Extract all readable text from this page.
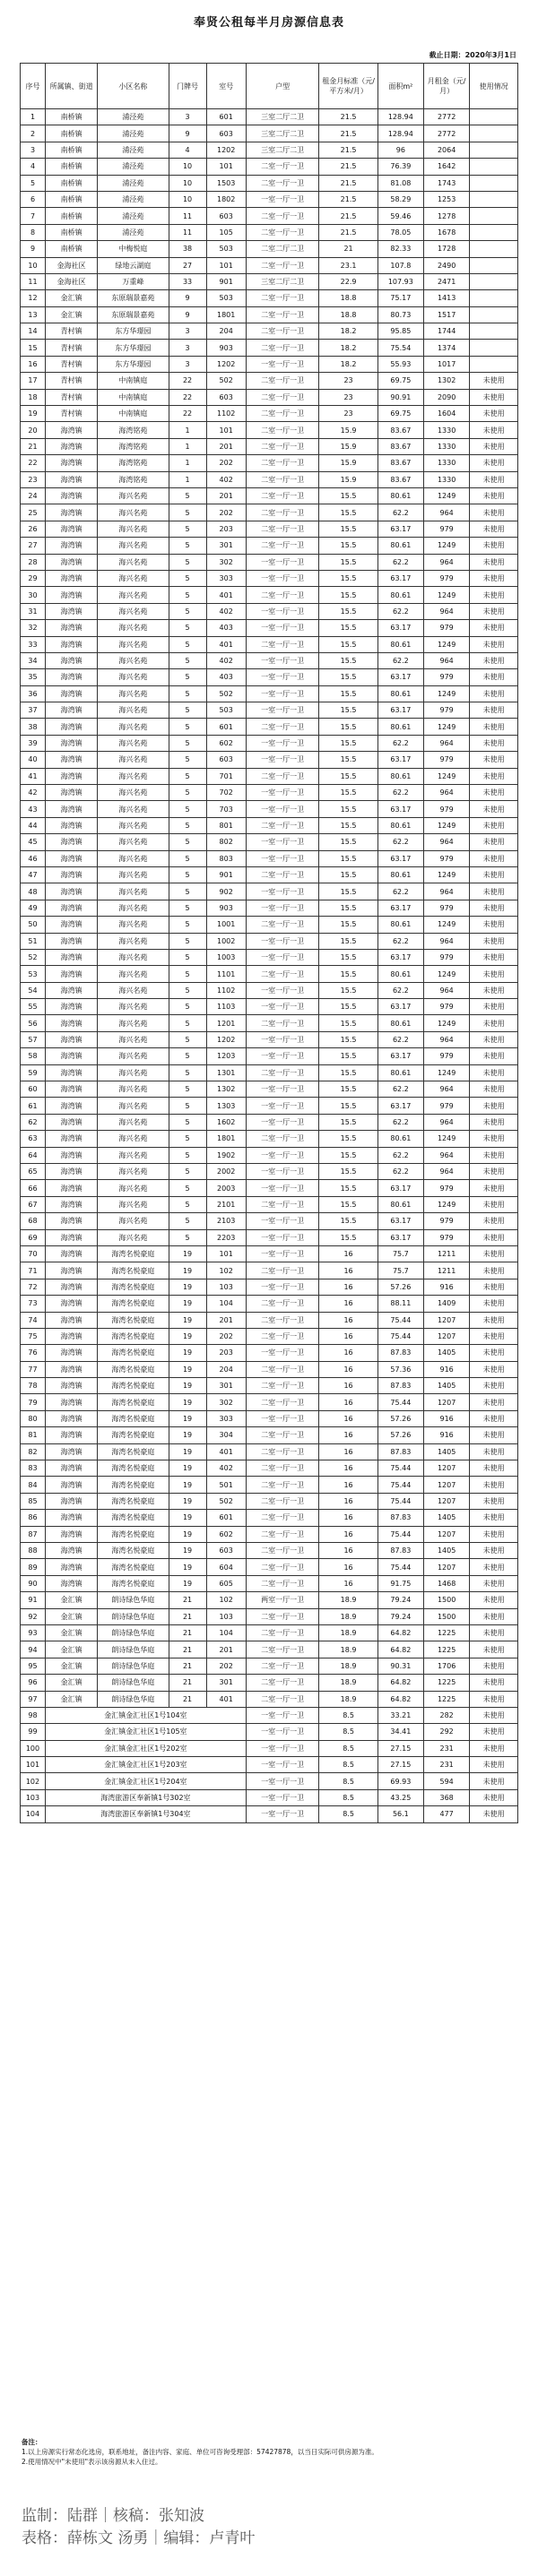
奉贤公租每半月房源信息表
截止日期：2020年3月1日
序号	所属镇、街道	小区名称	门牌号	室号	户型	租金月标准（元/平方米/月）	面积m²	月租金（元/月）	使用情况
1	南桥镇	浦泾苑	3	601	三室二厅二卫	21.5	128.94	2772	
2	南桥镇	浦泾苑	9	603	三室二厅二卫	21.5	128.94	2772	
3	南桥镇	浦泾苑	4	1202	三室二厅二卫	21.5	96	2064	
4	南桥镇	浦泾苑	10	101	二室一厅一卫	21.5	76.39	1642	
5	南桥镇	浦泾苑	10	1503	二室一厅一卫	21.5	81.08	1743	
6	南桥镇	浦泾苑	10	1802	一室一厅一卫	21.5	58.29	1253	
7	南桥镇	浦泾苑	11	603	二室一厅一卫	21.5	59.46	1278	
8	南桥镇	浦泾苑	11	105	二室一厅一卫	21.5	78.05	1678	
9	南桥镇	中梅悦庭	38	503	二室二厅二卫	21	82.33	1728	
10	金海社区	绿地云湖庭	27	101	二室一厅一卫	23.1	107.8	2490	
11	金海社区	万重峰	33	901	三室二厅二卫	22.9	107.93	2471	
12	金汇镇	东原瑞景嘉苑	9	503	二室一厅一卫	18.8	75.17	1413	
13	金汇镇	东原瑞景嘉苑	9	1801	二室一厅一卫	18.8	80.73	1517	
14	青村镇	东方华璟园	3	204	二室一厅一卫	18.2	95.85	1744	
15	青村镇	东方华璟园	3	903	二室一厅一卫	18.2	75.54	1374	
16	青村镇	东方华璟园	3	1202	一室一厅一卫	18.2	55.93	1017	
17	青村镇	中南镇庭	22	502	二室一厅一卫	23	69.75	1302	未使用
18	青村镇	中南镇庭	22	603	二室一厅一卫	23	90.91	2090	未使用
19	青村镇	中南镇庭	22	1102	二室一厅一卫	23	69.75	1604	未使用
20	海湾镇	海湾铭苑	1	101	二室一厅一卫	15.9	83.67	1330	未使用
21	海湾镇	海湾铭苑	1	201	二室一厅一卫	15.9	83.67	1330	未使用
22	海湾镇	海湾铭苑	1	202	二室一厅一卫	15.9	83.67	1330	未使用
23	海湾镇	海湾铭苑	1	402	二室一厅一卫	15.9	83.67	1330	未使用
24	海湾镇	海兴名苑	5	201	二室一厅一卫	15.5	80.61	1249	未使用
25	海湾镇	海兴名苑	5	202	二室一厅一卫	15.5	62.2	964	未使用
26	海湾镇	海兴名苑	5	203	二室一厅一卫	15.5	63.17	979	未使用
27	海湾镇	海兴名苑	5	301	二室一厅一卫	15.5	80.61	1249	未使用
28	海湾镇	海兴名苑	5	302	一室一厅一卫	15.5	62.2	964	未使用
29	海湾镇	海兴名苑	5	303	一室一厅一卫	15.5	63.17	979	未使用
30	海湾镇	海兴名苑	5	401	二室一厅一卫	15.5	80.61	1249	未使用
31	海湾镇	海兴名苑	5	402	一室一厅一卫	15.5	62.2	964	未使用
32	海湾镇	海兴名苑	5	403	一室一厅一卫	15.5	63.17	979	未使用
33	海湾镇	海兴名苑	5	401	二室一厅一卫	15.5	80.61	1249	未使用
34	海湾镇	海兴名苑	5	402	一室一厅一卫	15.5	62.2	964	未使用
35	海湾镇	海兴名苑	5	403	一室一厅一卫	15.5	63.17	979	未使用
36	海湾镇	海兴名苑	5	502	一室一厅一卫	15.5	80.61	1249	未使用
37	海湾镇	海兴名苑	5	503	一室一厅一卫	15.5	63.17	979	未使用
38	海湾镇	海兴名苑	5	601	二室一厅一卫	15.5	80.61	1249	未使用
39	海湾镇	海兴名苑	5	602	一室一厅一卫	15.5	62.2	964	未使用
40	海湾镇	海兴名苑	5	603	一室一厅一卫	15.5	63.17	979	未使用
41	海湾镇	海兴名苑	5	701	二室一厅一卫	15.5	80.61	1249	未使用
42	海湾镇	海兴名苑	5	702	一室一厅一卫	15.5	62.2	964	未使用
43	海湾镇	海兴名苑	5	703	一室一厅一卫	15.5	63.17	979	未使用
44	海湾镇	海兴名苑	5	801	二室一厅一卫	15.5	80.61	1249	未使用
45	海湾镇	海兴名苑	5	802	一室一厅一卫	15.5	62.2	964	未使用
46	海湾镇	海兴名苑	5	803	一室一厅一卫	15.5	63.17	979	未使用
47	海湾镇	海兴名苑	5	901	二室一厅一卫	15.5	80.61	1249	未使用
48	海湾镇	海兴名苑	5	902	一室一厅一卫	15.5	62.2	964	未使用
49	海湾镇	海兴名苑	5	903	一室一厅一卫	15.5	63.17	979	未使用
50	海湾镇	海兴名苑	5	1001	二室一厅一卫	15.5	80.61	1249	未使用
51	海湾镇	海兴名苑	5	1002	一室一厅一卫	15.5	62.2	964	未使用
52	海湾镇	海兴名苑	5	1003	一室一厅一卫	15.5	63.17	979	未使用
53	海湾镇	海兴名苑	5	1101	二室一厅一卫	15.5	80.61	1249	未使用
54	海湾镇	海兴名苑	5	1102	一室一厅一卫	15.5	62.2	964	未使用
55	海湾镇	海兴名苑	5	1103	一室一厅一卫	15.5	63.17	979	未使用
56	海湾镇	海兴名苑	5	1201	二室一厅一卫	15.5	80.61	1249	未使用
57	海湾镇	海兴名苑	5	1202	一室一厅一卫	15.5	62.2	964	未使用
58	海湾镇	海兴名苑	5	1203	一室一厅一卫	15.5	63.17	979	未使用
59	海湾镇	海兴名苑	5	1301	二室一厅一卫	15.5	80.61	1249	未使用
60	海湾镇	海兴名苑	5	1302	一室一厅一卫	15.5	62.2	964	未使用
61	海湾镇	海兴名苑	5	1303	一室一厅一卫	15.5	63.17	979	未使用
62	海湾镇	海兴名苑	5	1602	一室一厅一卫	15.5	62.2	964	未使用
63	海湾镇	海兴名苑	5	1801	二室一厅一卫	15.5	80.61	1249	未使用
64	海湾镇	海兴名苑	5	1902	一室一厅一卫	15.5	62.2	964	未使用
65	海湾镇	海兴名苑	5	2002	一室一厅一卫	15.5	62.2	964	未使用
66	海湾镇	海兴名苑	5	2003	一室一厅一卫	15.5	63.17	979	未使用
67	海湾镇	海兴名苑	5	2101	二室一厅一卫	15.5	80.61	1249	未使用
68	海湾镇	海兴名苑	5	2103	一室一厅一卫	15.5	63.17	979	未使用
69	海湾镇	海兴名苑	5	2203	一室一厅一卫	15.5	63.17	979	未使用
70	海湾镇	海湾名悦豪庭	19	101	一室一厅一卫	16	75.7	1211	未使用
71	海湾镇	海湾名悦豪庭	19	102	二室一厅一卫	16	75.7	1211	未使用
72	海湾镇	海湾名悦豪庭	19	103	一室一厅一卫	16	57.26	916	未使用
73	海湾镇	海湾名悦豪庭	19	104	二室一厅一卫	16	88.11	1409	未使用
74	海湾镇	海湾名悦豪庭	19	201	二室一厅一卫	16	75.44	1207	未使用
75	海湾镇	海湾名悦豪庭	19	202	二室一厅一卫	16	75.44	1207	未使用
76	海湾镇	海湾名悦豪庭	19	203	一室一厅一卫	16	87.83	1405	未使用
77	海湾镇	海湾名悦豪庭	19	204	二室一厅一卫	16	57.36	916	未使用
78	海湾镇	海湾名悦豪庭	19	301	二室一厅一卫	16	87.83	1405	未使用
79	海湾镇	海湾名悦豪庭	19	302	二室一厅一卫	16	75.44	1207	未使用
80	海湾镇	海湾名悦豪庭	19	303	一室一厅一卫	16	57.26	916	未使用
81	海湾镇	海湾名悦豪庭	19	304	二室一厅一卫	16	57.26	916	未使用
82	海湾镇	海湾名悦豪庭	19	401	二室一厅一卫	16	87.83	1405	未使用
83	海湾镇	海湾名悦豪庭	19	402	二室一厅一卫	16	75.44	1207	未使用
84	海湾镇	海湾名悦豪庭	19	501	二室一厅一卫	16	75.44	1207	未使用
85	海湾镇	海湾名悦豪庭	19	502	二室一厅一卫	16	75.44	1207	未使用
86	海湾镇	海湾名悦豪庭	19	601	二室一厅一卫	16	87.83	1405	未使用
87	海湾镇	海湾名悦豪庭	19	602	二室一厅一卫	16	75.44	1207	未使用
88	海湾镇	海湾名悦豪庭	19	603	二室一厅一卫	16	87.83	1405	未使用
89	海湾镇	海湾名悦豪庭	19	604	二室一厅一卫	16	75.44	1207	未使用
90	海湾镇	海湾名悦豪庭	19	605	二室一厅一卫	16	91.75	1468	未使用
91	金汇镇	朗诗绿色华庭	21	102	两室一厅一卫	18.9	79.24	1500	未使用
92	金汇镇	朗诗绿色华庭	21	103	二室一厅一卫	18.9	79.24	1500	未使用
93	金汇镇	朗诗绿色华庭	21	104	二室一厅一卫	18.9	64.82	1225	未使用
94	金汇镇	朗诗绿色华庭	21	201	二室一厅一卫	18.9	64.82	1225	未使用
95	金汇镇	朗诗绿色华庭	21	202	二室一厅一卫	18.9	90.31	1706	未使用
96	金汇镇	朗诗绿色华庭	21	301	二室一厅一卫	18.9	64.82	1225	未使用
97	金汇镇	朗诗绿色华庭	21	401	二室一厅一卫	18.9	64.82	1225	未使用
98	金汇镇金汇社区1号104室				一室一厅一卫	8.5	33.21	282	未使用
99	金汇镇金汇社区1号105室				一室一厅一卫	8.5	34.41	292	未使用
100	金汇镇金汇社区1号202室				一室一厅一卫	8.5	27.15	231	未使用
101	金汇镇金汇社区1号203室				一室一厅一卫	8.5	27.15	231	未使用
102	金汇镇金汇社区1号204室				一室一厅一卫	8.5	69.93	594	未使用
103	海湾旅游区奉新镇1号302室				一室一厅一卫	8.5	43.25	368	未使用
104	海湾旅游区奉新镇1号304室				一室一厅一卫	8.5	56.1	477	未使用
备注：
1.以上房源实行常态化选房，联系地址，备注内容、家庭、单位可咨询受理部：57427878，以当日实际可供房源为准。
2.使用情况中"未使用"表示该房源从未入住过。
监制：陆群｜核稿：张知波
表格：薛栋文 汤勇｜编辑：卢青叶
